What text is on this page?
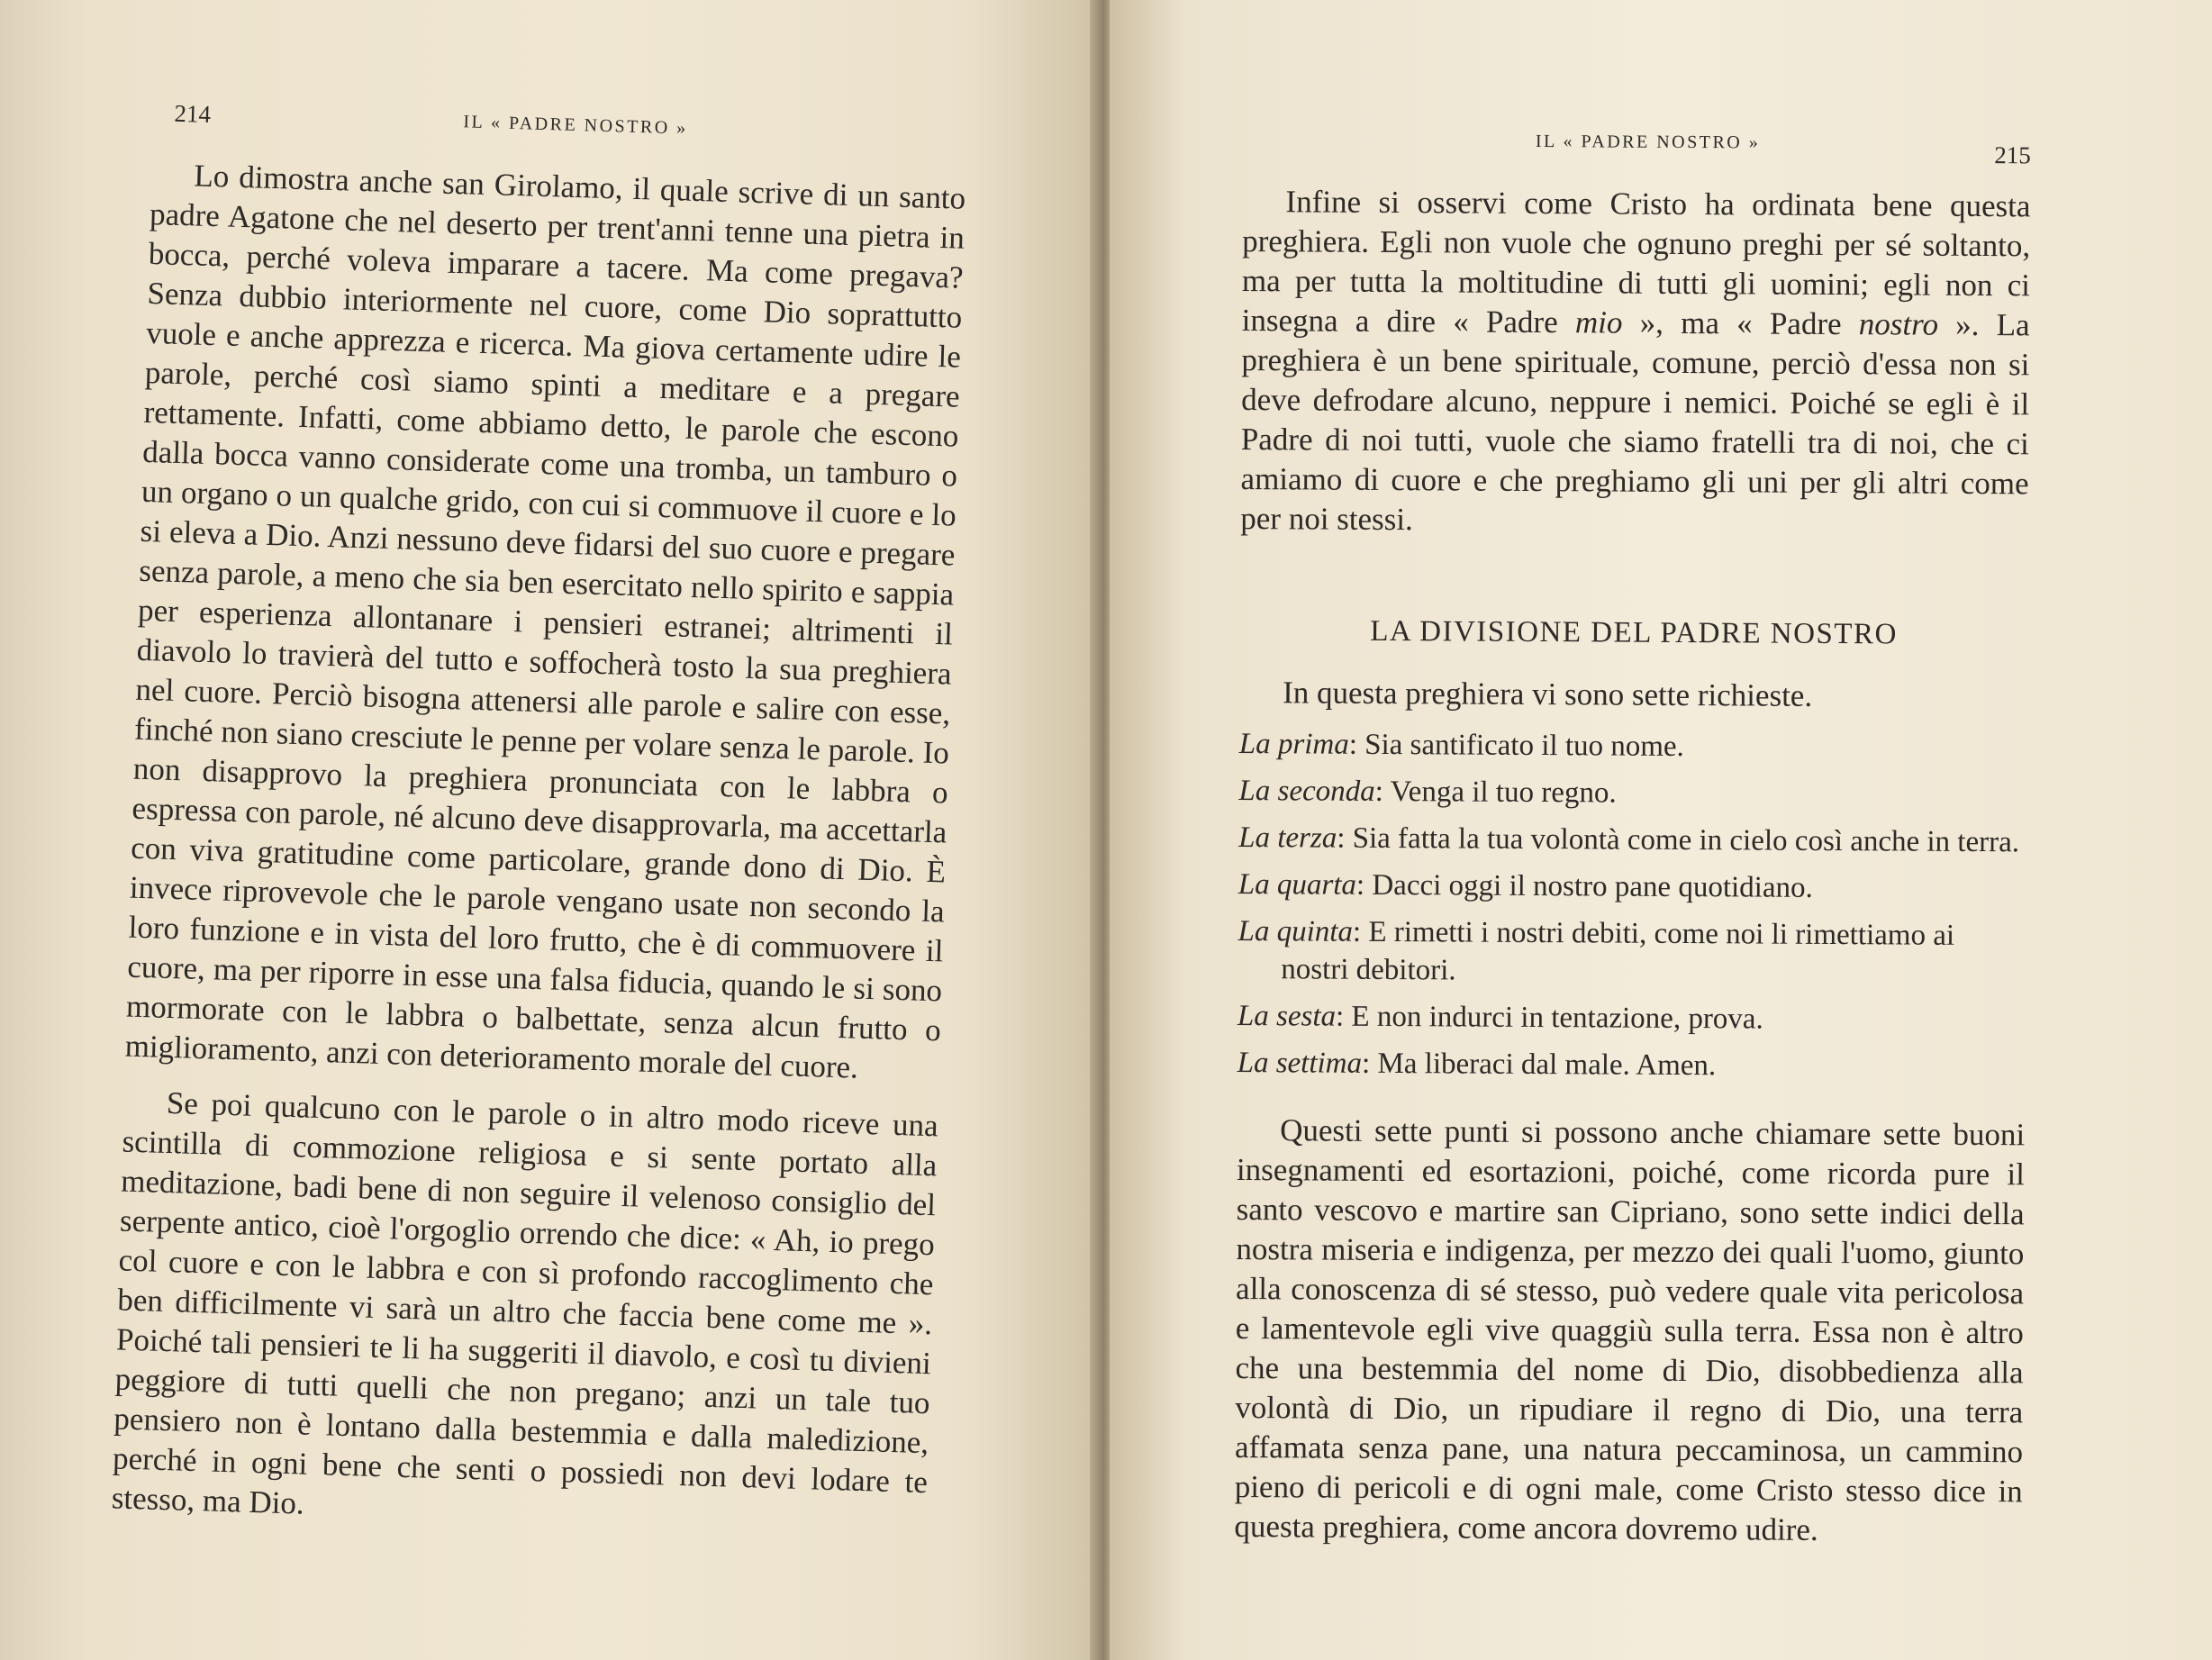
214	IL « PADRE NOSTRO »

Lo dimostra anche san Girolamo, il quale scrive di un santo padre Agatone che nel deserto per trent'anni tenne una pietra in bocca, perché voleva imparare a tacere. Ma come pregava? Senza dubbio interiormente nel cuore, come Dio soprattutto vuole e anche apprezza e ricerca. Ma giova certamente udire le parole, perché così siamo spinti a meditare e a pregare rettamente. Infatti, come abbiamo detto, le parole che escono dalla bocca vanno considerate come una tromba, un tamburo o un organo o un qualche grido, con cui si commuove il cuore e lo si eleva a Dio. Anzi nessuno deve fidarsi del suo cuore e pregare senza parole, a meno che sia ben esercitato nello spirito e sappia per esperienza allontanare i pensieri estranei; altrimenti il diavolo lo travierà del tutto e soffocherà tosto la sua preghiera nel cuore. Perciò bisogna attenersi alle parole e salire con esse, finché non siano cresciute le penne per volare senza le parole. Io non disapprovo la preghiera pronunciata con le labbra o espressa con parole, né alcuno deve disapprovarla, ma accettarla con viva gratitudine come particolare, grande dono di Dio. È invece riprovevole che le parole vengano usate non secondo la loro funzione e in vista del loro frutto, che è di commuovere il cuore, ma per riporre in esse una falsa fiducia, quando le si sono mormorate con le labbra o balbettate, senza alcun frutto o miglioramento, anzi con deterioramento morale del cuore.

Se poi qualcuno con le parole o in altro modo riceve una scintilla di commozione religiosa e si sente portato alla meditazione, badi bene di non seguire il velenoso consiglio del serpente antico, cioè l'orgoglio orrendo che dice: « Ah, io prego col cuore e con le labbra e con sì profondo raccoglimento che ben difficilmente vi sarà un altro che faccia bene come me ». Poiché tali pensieri te li ha suggeriti il diavolo, e così tu divieni peggiore di tutti quelli che non pregano; anzi un tale tuo pensiero non è lontano dalla bestemmia e dalla maledizione, perché in ogni bene che senti o possiedi non devi lodare te stesso, ma Dio.

IL « PADRE NOSTRO »	215

Infine si osservi come Cristo ha ordinata bene questa preghiera. Egli non vuole che ognuno preghi per sé soltanto, ma per tutta la moltitudine di tutti gli uomini; egli non ci insegna a dire « Padre mio », ma « Padre nostro ». La preghiera è un bene spirituale, comune, perciò d'essa non si deve defrodare alcuno, neppure i nemici. Poiché se egli è il Padre di noi tutti, vuole che siamo fratelli tra di noi, che ci amiamo di cuore e che preghiamo gli uni per gli altri come per noi stessi.

LA DIVISIONE DEL PADRE NOSTRO

In questa preghiera vi sono sette richieste.

La prima: Sia santificato il tuo nome.

La seconda: Venga il tuo regno.

La terza: Sia fatta la tua volontà come in cielo così anche in terra.

La quarta: Dacci oggi il nostro pane quotidiano.

La quinta: E rimetti i nostri debiti, come noi li rimettiamo ai nostri debitori.

La sesta: E non indurci in tentazione, prova.

La settima: Ma liberaci dal male. Amen.

Questi sette punti si possono anche chiamare sette buoni insegnamenti ed esortazioni, poiché, come ricorda pure il santo vescovo e martire san Cipriano, sono sette indici della nostra miseria e indigenza, per mezzo dei quali l'uomo, giunto alla conoscenza di sé stesso, può vedere quale vita pericolosa e lamentevole egli vive quaggiù sulla terra. Essa non è altro che una bestemmia del nome di Dio, disobbedienza alla volontà di Dio, un ripudiare il regno di Dio, una terra affamata senza pane, una natura peccaminosa, un cammino pieno di pericoli e di ogni male, come Cristo stesso dice in questa preghiera, come ancora dovremo udire.
